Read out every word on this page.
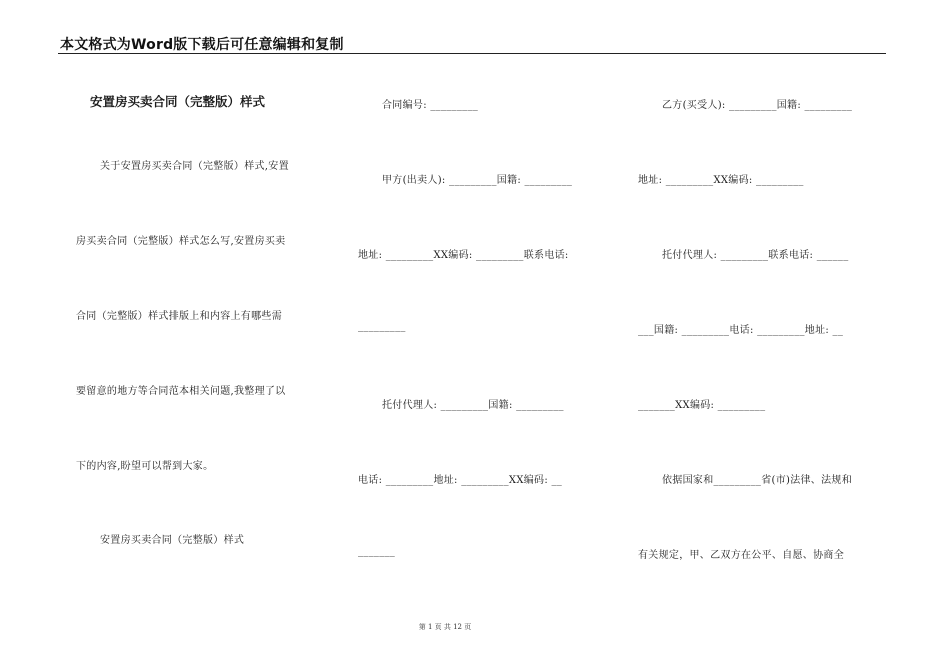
本文格式为Word版下载后可任意编辑和复制
安置房买卖合同（完整版）样式
关于安置房买卖合同（完整版）样式,安置
房买卖合同（完整版）样式怎么写,安置房买卖
合同（完整版）样式排版上和内容上有哪些需
要留意的地方等合同范本相关问题,我整理了以
下的内容,盼望可以帮到大家。
安置房买卖合同（完整版）样式
合同编号: _________
甲方(出卖人): _________国籍: _________
地址: _________XX编码: _________联系电话:
_________
托付代理人: _________国籍: _________
电话: _________地址: _________XX编码: __
_______
乙方(买受人): _________国籍: _________
地址: _________XX编码: _________
托付代理人: _________联系电话: ______
___国籍: _________电话: _________地址: __
_______XX编码: _________
依据国家和_________省(市)法律、法规和
有关规定，甲、乙双方在公平、自愿、协商全
第 1 页 共 12 页
